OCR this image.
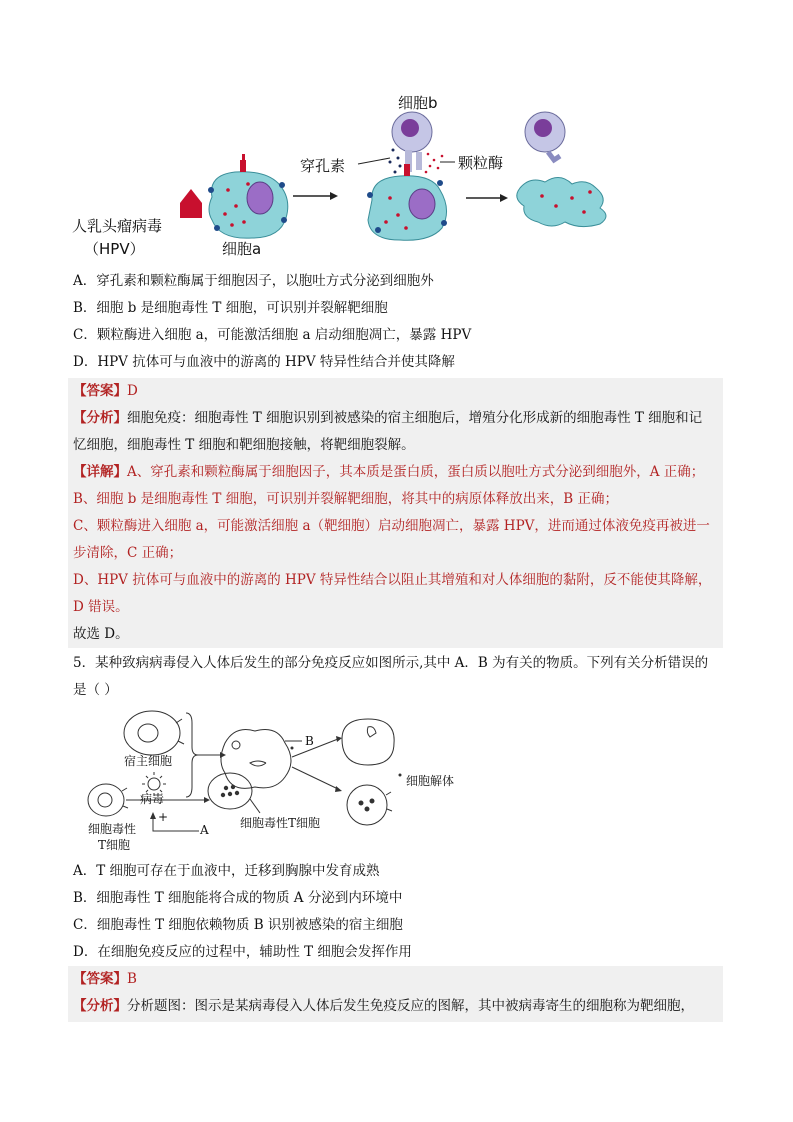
人乳头瘤病毒
（HPV）	细胞a
细胞b
穿孔素	颗粒酶
A．穿孔素和颗粒酶属于细胞因子，以胞吐方式分泌到细胞外
B．细胞 b 是细胞毒性 T 细胞，可识别并裂解靶细胞
C．颗粒酶进入细胞 a，可能激活细胞 a 启动细胞凋亡，暴露 HPV
D．HPV 抗体可与血液中的游离的 HPV 特异性结合并使其降解
【答案】D
【分析】细胞免疫：细胞毒性 T 细胞识别到被感染的宿主细胞后，增殖分化形成新的细胞毒性 T 细胞和记
忆细胞，细胞毒性 T 细胞和靶细胞接触，将靶细胞裂解。
【详解】A、穿孔素和颗粒酶属于细胞因子，其本质是蛋白质，蛋白质以胞吐方式分泌到细胞外，A 正确；
B、细胞 b 是细胞毒性 T 细胞，可识别并裂解靶细胞，将其中的病原体释放出来，B 正确；
C、颗粒酶进入细胞 a，可能激活细胞 a（靶细胞）启动细胞凋亡，暴露 HPV，进而通过体液免疫再被进一
步清除，C 正确；
D、HPV 抗体可与血液中的游离的 HPV 特异性结合以阻止其增殖和对人体细胞的黏附，反不能使其降解，
D 错误。
故选 D。
5．某种致病病毒侵入人体后发生的部分免疫反应如图所示,其中 A．B 为有关的物质。下列有关分析错误的
是（ ）
宿主细胞
病毒
B
细胞解体
+
A
细胞毒性
T细胞
细胞毒性T细胞
A．T 细胞可存在于血液中，迁移到胸腺中发育成熟
B．细胞毒性 T 细胞能将合成的物质 A 分泌到内环境中
C．细胞毒性 T 细胞依赖物质 B 识别被感染的宿主细胞
D．在细胞免疫反应的过程中，辅助性 T 细胞会发挥作用
【答案】B
【分析】分析题图：图示是某病毒侵入人体后发生免疫反应的图解，其中被病毒寄生的细胞称为靶细胞，
